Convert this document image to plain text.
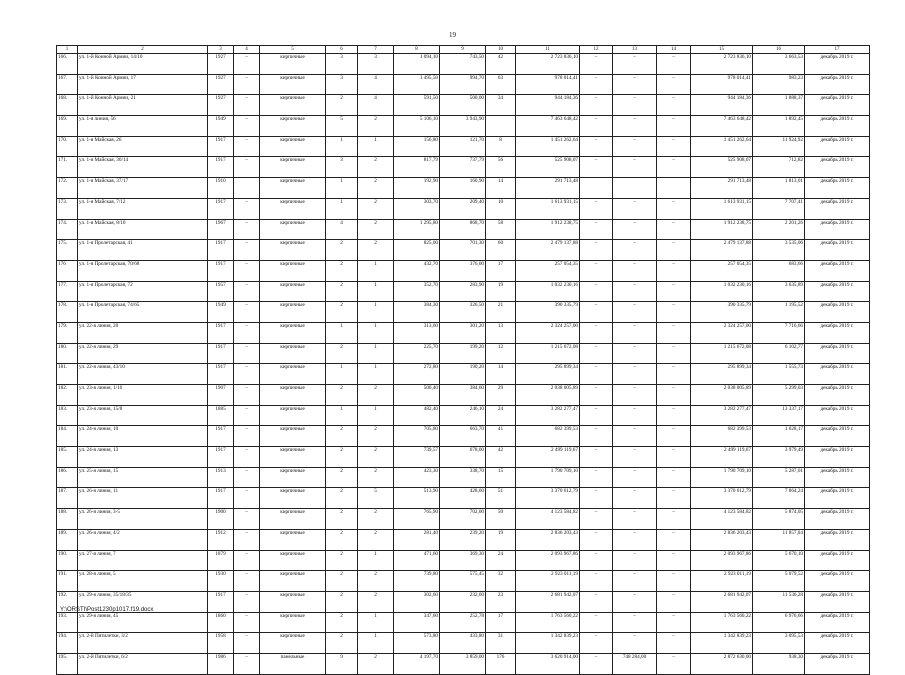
19
1	2	3	4	5	6	7	8	9	10	11	12	13	14	15	16	17
166.	ул. 1-й Конной Армии, 14/10	1927	–	кирпичные	3	3	1 094,10	743,50	42	2 723 836,10	–	–	–	2 723 836,10	3 663,53	декабрь 2019 г.
167.	ул. 1-й Конной Армии, 17	1927	–	кирпичные	3	4	1 495,50	994,70	63	978 014,41	–	–	–	978 014,41	983,23	декабрь 2019 г.
168.	ул. 1-й Конной Армии, 21	1927	–	кирпичные	2	4	591,50	500,00	34	944 184,36	–	–	–	944 184,36	1 888,37	декабрь 2019 г.
169.	ул. 1-я линия, 56	1949	–	кирпичные	5	2	5 106,10	3 943,90		7 463 648,42	–	–	–	7 463 648,42	1 892,45	декабрь 2019 г.
170.	ул. 1-я Майская, 26	1917	–	кирпичные	1	1	156,80	121,70	8	1 451 262,64	–	–	–	1 451 262,64	11 924,92	декабрь 2019 г.
171.	ул. 1-я Майская, 30/14	1917	–	кирпичные	3	2	817,79	737,79	56	525 908,07	–	–	–	525 908,07	712,82	декабрь 2019 г.
172.	ул. 1-я Майская, 37/17	1910		кирпичные	1	2	192,90	160,90	14	291 713,48				291 713,48	1 813,01	декабрь 2019 г.
173.	ул. 1-я Майская, 7/12	1917	–	кирпичные	1	2	303,70	209,40	10	1 613 931,15	–	–	–	1 613 931,15	7 707,41	декабрь 2019 г.
174.	ул. 1-я Майская, 8/10	1967	–	кирпичные	4	2	1 295,80	868,70	58	1 912 238,75	–	–	–	1 912 238,75	2 201,26	декабрь 2019 г.
175.	ул. 1-я Пролетарская, 41	1917	–	кирпичные	2	2	825,00	701,30	60	2 479 137,88	–	–	–	2 479 137,88	3 535,06	декабрь 2019 г.
176	ул. 1-я Пролетарская, 70/68	1917	–	кирпичные	2	1	432,70	376,00	17	257 054,35	–	–	–	257 054,35	683,66	декабрь 2019 г.
177.	ул. 1-я Пролетарская, 72	1957	–	кирпичные	2	1	352,70	283,90	19	1 032 230,16	–	–	–	1 032 230,16	3 635,89	декабрь 2019 г.
178.	ул. 1-я Пролетарская, 74/65	1949	–	кирпичные	2	1	384,30	326,50	21	390 335,79	–	–	–	390 335,79	1 195,52	декабрь 2019 г.
179.	ул. 22-я линия, 20	1917	–	кирпичные	1	1	313,60	301,20	13	2 324 257,00	–	–	–	2 324 257,00	7 716,66	декабрь 2019 г.
180.	ул. 22-я линия, 29	1917	–	кирпичные	2	1	225,70	199,20	12	1 215 672,08	–	–	–	1 215 672,08	6 102,77	декабрь 2019 г.
181.	ул. 22-я линия, 43/10	1917	–	кирпичные	1	1	272,80	190,20	14	295 899,34	–	–	–	295 899,34	1 555,73	декабрь 2019 г.
182.	ул. 23-я линия, 1/16	1907	–	кирпичные	2	2	500,40	384,60	29	2 038 005,89	–	–	–	2 038 005,89	5 299,03	декабрь 2019 г.
183.	ул. 23-я линия, 15/8	1885	–	кирпичные	1	1	482,40	246,10	24	3 282 277,47	–	–	–	3 282 277,47	13 337,17	декабрь 2019 г.
184.	ул. 24-я линия, 10	1917	–	кирпичные	2	2	705,80	663,70	41	682 399,53	–	–	–	682 399,53	1 028,17	декабрь 2019 г.
185.	ул. 24-я линия, 13	1917	–	кирпичные	2	2	739,57	678,00	42	2 499 119,67	–	–	–	2 499 119,67	3 979,49	декабрь 2019 г.
186.	ул. 25-я линия, 15	1913	–	кирпичные	2	2	423,30	338,70	15	1 790 709,10	–	–	–	1 790 709,10	5 287,01	декабрь 2019 г.
187.	ул. 26-я линия, 11	1917	–	кирпичные	2	5	513,90	428,60	51	3 370 612,79	–	–	–	3 370 612,79	7 864,24	декабрь 2019 г.
188.	ул. 26-я линия, 3-5	1900	–	кирпичные	2	2	765,90	702,00	50	4 123 584,82	–	–	–	4 123 584,82	5 874,05	декабрь 2019 г.
189.	ул. 26-я линия, 4/2	1912	–	кирпичные	2	2	281,40	239,20	19	2 836 203,43	–	–	–	2 836 203,43	11 857,04	декабрь 2019 г.
190.	ул. 27-я линия, 7	1879	–	кирпичные	2	1	471,60	369,30	24	2 093 967,86	–	–	–	2 093 967,86	5 670,10	декабрь 2019 г.
191.	ул. 28-я линия, 5	1930	–	кирпичные	2	2	739,80	575,45	32	2 923 011,19	–	–	–	2 923 011,19	5 079,52	декабрь 2019 г.
192.	ул. 29-я линия, 35/18/35	1917	–	кирпичные	2	2	302,60	232,60	23	2 681 942,07	–	–	–	2 681 942,07	11 530,28	декабрь 2019 г.
193.	ул. 29-я линия, 45	1860	–	кирпичные	2	1	347,60	252,78	17	1 763 560,22	–	–	–	1 763 560,22	6 976,66	декабрь 2019 г.
194.	ул. 2-й Пятилетки, 3/2	1958	–	кирпичные	2	1	573,80	433,80	31	1 342 839,23	–	–	–	1 342 839,23	3 095,53	декабрь 2019 г.
195.	ул. 2-й Пятилетки, 6/2	1986	–	панельные	9	2	4 197,70	3 859,00	176	3 620 914,00	–	748 284,00	–	2 872 630,00	938,30	декабрь 2019 г.
Y:\ORSTI\Post1230p1017.f19.docx
